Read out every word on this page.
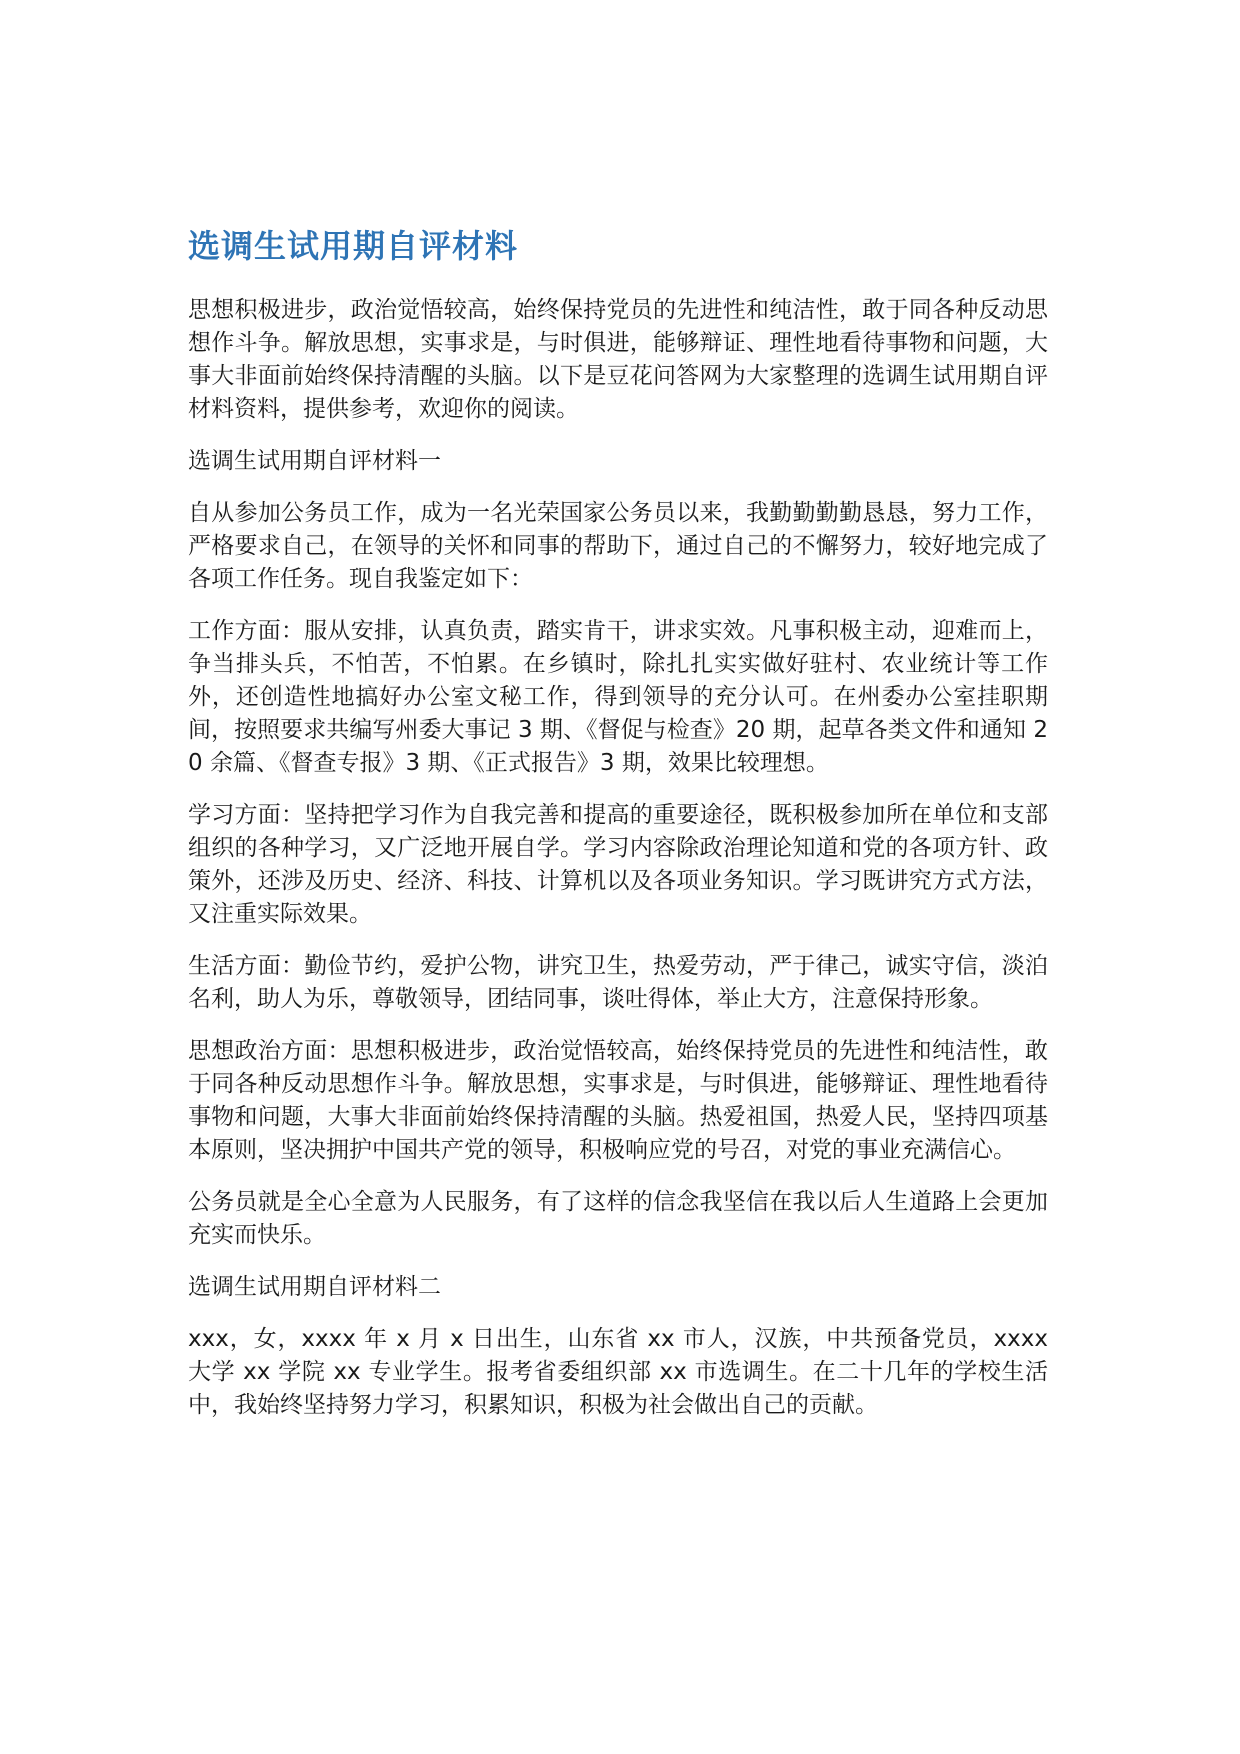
选调生试用期自评材料

思想积极进步，政治觉悟较高，始终保持党员的先进性和纯洁性，敢于同各种反动思想作斗争。解放思想，实事求是，与时俱进，能够辩证、理性地看待事物和问题，大事大非面前始终保持清醒的头脑。以下是豆花问答网为大家整理的选调生试用期自评材料资料，提供参考，欢迎你的阅读。

选调生试用期自评材料一

自从参加公务员工作，成为一名光荣国家公务员以来，我勤勤勤勤恳恳，努力工作，严格要求自己，在领导的关怀和同事的帮助下，通过自己的不懈努力，较好地完成了各项工作任务。现自我鉴定如下：

工作方面：服从安排，认真负责，踏实肯干，讲求实效。凡事积极主动，迎难而上，争当排头兵，不怕苦，不怕累。在乡镇时，除扎扎实实做好驻村、农业统计等工作外，还创造性地搞好办公室文秘工作，得到领导的充分认可。在州委办公室挂职期间，按照要求共编写州委大事记 3 期、《督促与检查》20 期，起草各类文件和通知 20 余篇、《督查专报》3 期、《正式报告》3 期，效果比较理想。

学习方面：坚持把学习作为自我完善和提高的重要途径，既积极参加所在单位和支部组织的各种学习，又广泛地开展自学。学习内容除政治理论知道和党的各项方针、政策外，还涉及历史、经济、科技、计算机以及各项业务知识。学习既讲究方式方法，又注重实际效果。

生活方面：勤俭节约，爱护公物，讲究卫生，热爱劳动，严于律己，诚实守信，淡泊名利，助人为乐，尊敬领导，团结同事，谈吐得体，举止大方，注意保持形象。

思想政治方面：思想积极进步，政治觉悟较高，始终保持党员的先进性和纯洁性，敢于同各种反动思想作斗争。解放思想，实事求是，与时俱进，能够辩证、理性地看待事物和问题，大事大非面前始终保持清醒的头脑。热爱祖国，热爱人民，坚持四项基本原则，坚决拥护中国共产党的领导，积极响应党的号召，对党的事业充满信心。

公务员就是全心全意为人民服务，有了这样的信念我坚信在我以后人生道路上会更加充实而快乐。

选调生试用期自评材料二

xxx，女，xxxx 年 x 月 x 日出生，山东省 xx 市人，汉族，中共预备党员，xxxx 大学 xx 学院 xx 专业学生。报考省委组织部 xx 市选调生。在二十几年的学校生活中，我始终坚持努力学习，积累知识，积极为社会做出自己的贡献。
